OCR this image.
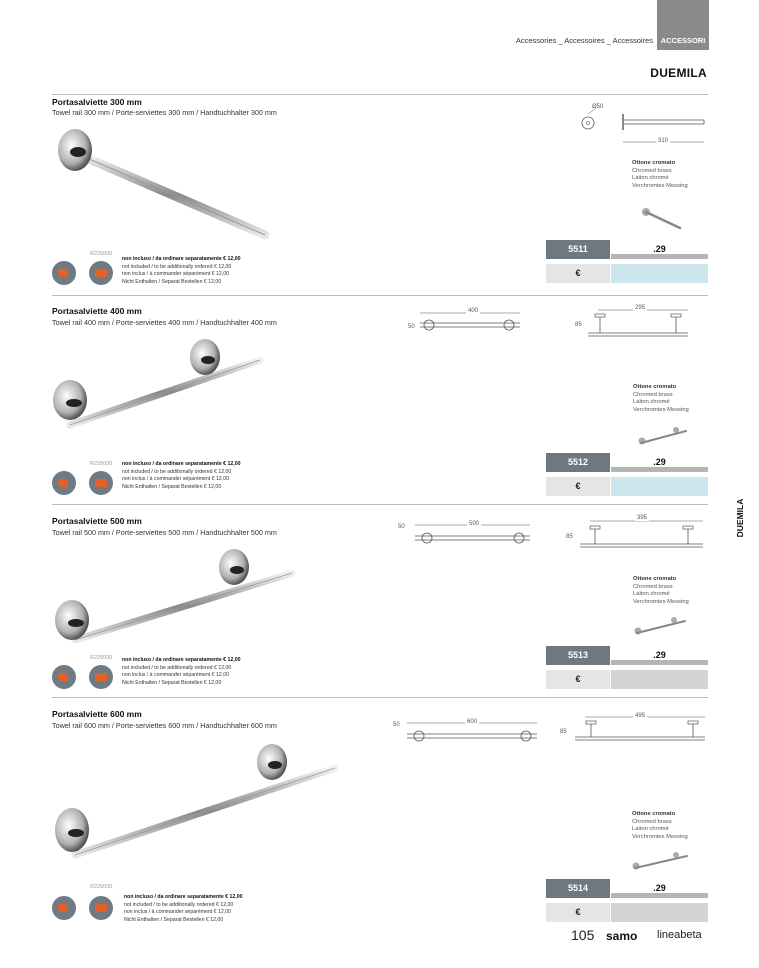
Accessories _ Accessoires _ Accessoires	ACCESSORI
DUEMILA
DUEMILA
Portasalviette 300 mm
Towel rail 300 mm / Porte-serviettes 300 mm / Handtuchhalter 300 mm
R225000
non incluso / da ordinare separatamente € 12,00
not included / to be additionally ordered € 12,00
non inclus / à commander séparément € 12,00
Nicht Enthalten / Separat Bestellen € 12,00
Ø50
310
Ottone cromato
Chromed brass
Laiton chromé
Verchromtes Messing
5511	.29
€
Portasalviette 400 mm
Towel rail 400 mm / Porte-serviettes 400 mm / Handtuchhalter 400 mm
R225000 non incluso / da ordinare separatamente € 12,00
not included / to be additionally ordered € 12,00
non inclus / à commander séparément € 12,00
Nicht Enthalten / Separat Bestellen € 12,00
400
50
295
85
Ottone cromato
Chromed brass
Laiton chromé
Verchromtes Messing
5512	.29
€
Portasalviette 500 mm
Towel rail 500 mm / Porte-serviettes 500 mm / Handtuchhalter 500 mm
R225000 non incluso / da ordinare separatamente € 12,00
not included / to be additionally ordered € 12,00
non inclus / à commander séparément € 12,00
Nicht Enthalten / Separat Bestellen € 12,00
500
50
395
85
Ottone cromato
Chromed brass
Laiton chromé
Verchromtes Messing
5513	.29
€
Portasalviette 600 mm
Towel rail 600 mm / Porte-serviettes 600 mm / Handtuchhalter 600 mm
R225000
non incluso / da ordinare separatamente € 12,00
not included / to be additionally ordered € 12,00
non inclus / à commander séparément € 12,00
Nicht Enthalten / Separat Bestellen € 12,00
600
50
495
85
Ottone cromato
Chromed brass
Laiton chromé
Verchromtes Messing
5514	.29
€
105 samo lineabeta
